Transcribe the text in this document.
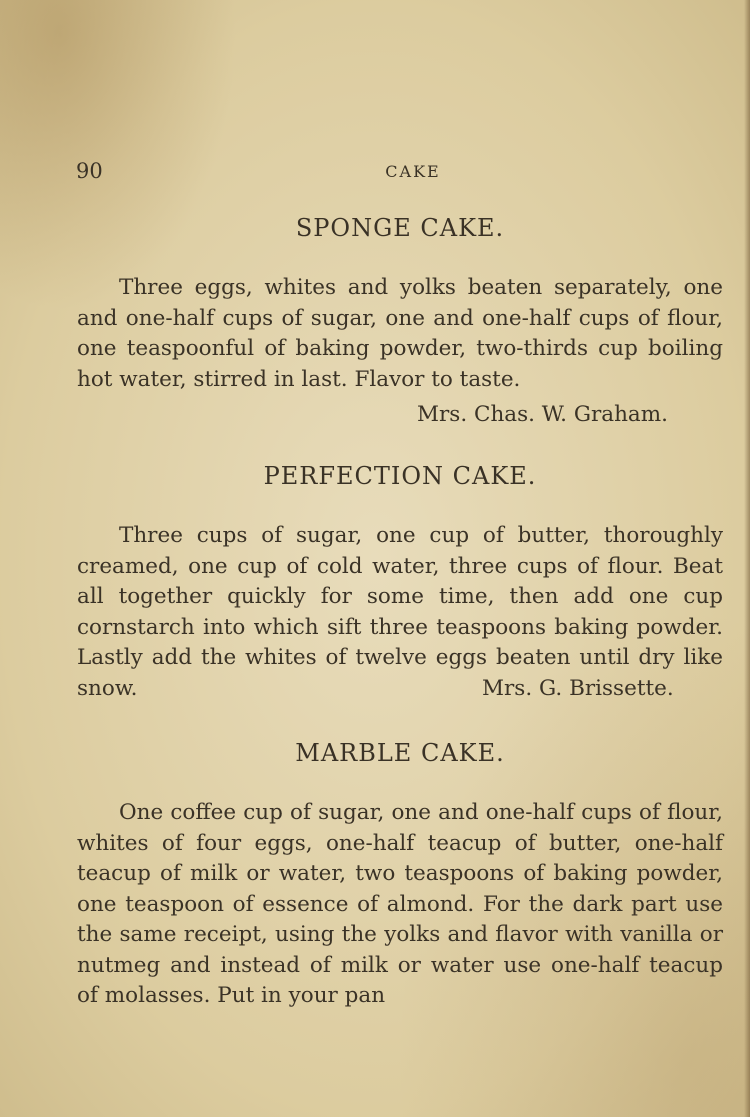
90	CAKE
SPONGE CAKE.

Three eggs, whites and yolks beaten separately, one and one-half cups of sugar, one and one-half cups of flour, one teaspoonful of baking powder, two-thirds cup boiling hot water, stirred in last. Flavor to taste.

Mrs. Chas. W. Graham.
PERFECTION CAKE.

Three cups of sugar, one cup of butter, thoroughly creamed, one cup of cold water, three cups of flour. Beat all together quickly for some time, then add one cup cornstarch into which sift three teaspoons baking powder. Lastly add the whites of twelve eggs beaten until dry like snow.	Mrs. G. Brissette.
MARBLE CAKE.

One coffee cup of sugar, one and one-half cups of flour, whites of four eggs, one-half teacup of butter, one-half teacup of milk or water, two teaspoons of baking powder, one teaspoon of essence of almond. For the dark part use the same receipt, using the yolks and flavor with vanilla or nutmeg and instead of milk or water use one-half teacup of molasses. Put in your pan
